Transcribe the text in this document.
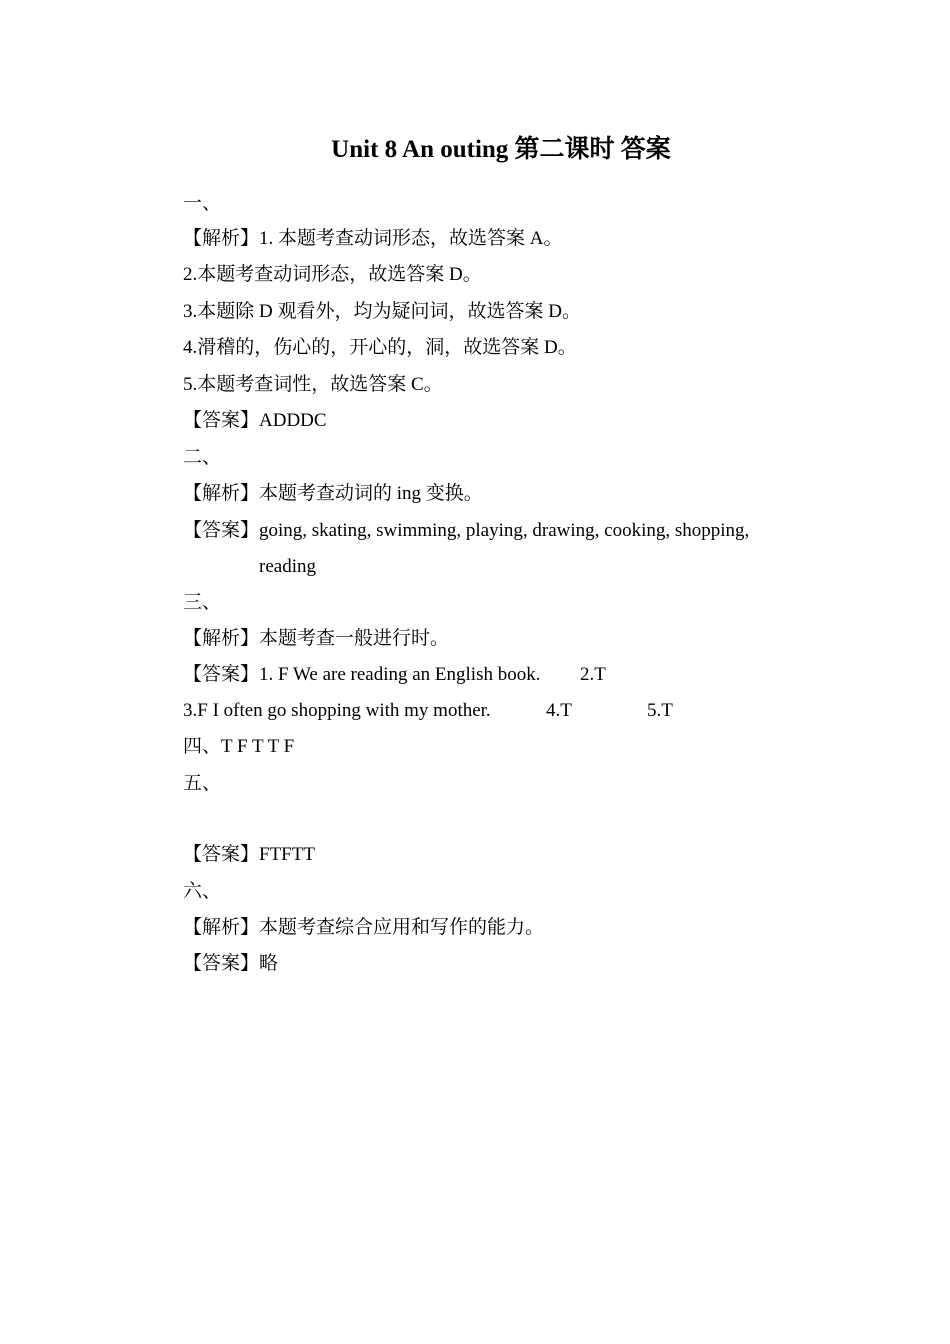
Unit 8 An outing 第二课时 答案
一、
【解析】1. 本题考查动词形态，故选答案 A。
2.本题考查动词形态，故选答案 D。
3.本题除 D 观看外，均为疑问词，故选答案 D。
4.滑稽的，伤心的，开心的，洞，故选答案 D。
5.本题考查词性，故选答案 C。
【答案】ADDDC
二、
【解析】本题考查动词的 ing 变换。
【答案】going, skating, swimming, playing, drawing, cooking, shopping,
reading
三、
【解析】本题考查一般进行时。
【答案】1. F We are reading an English book. 2.T
3.F I often go shopping with my mother.	4.T	5.T
四、T F T T F
五、
【答案】FTFTT
六、
【解析】本题考查综合应用和写作的能力。
【答案】略
